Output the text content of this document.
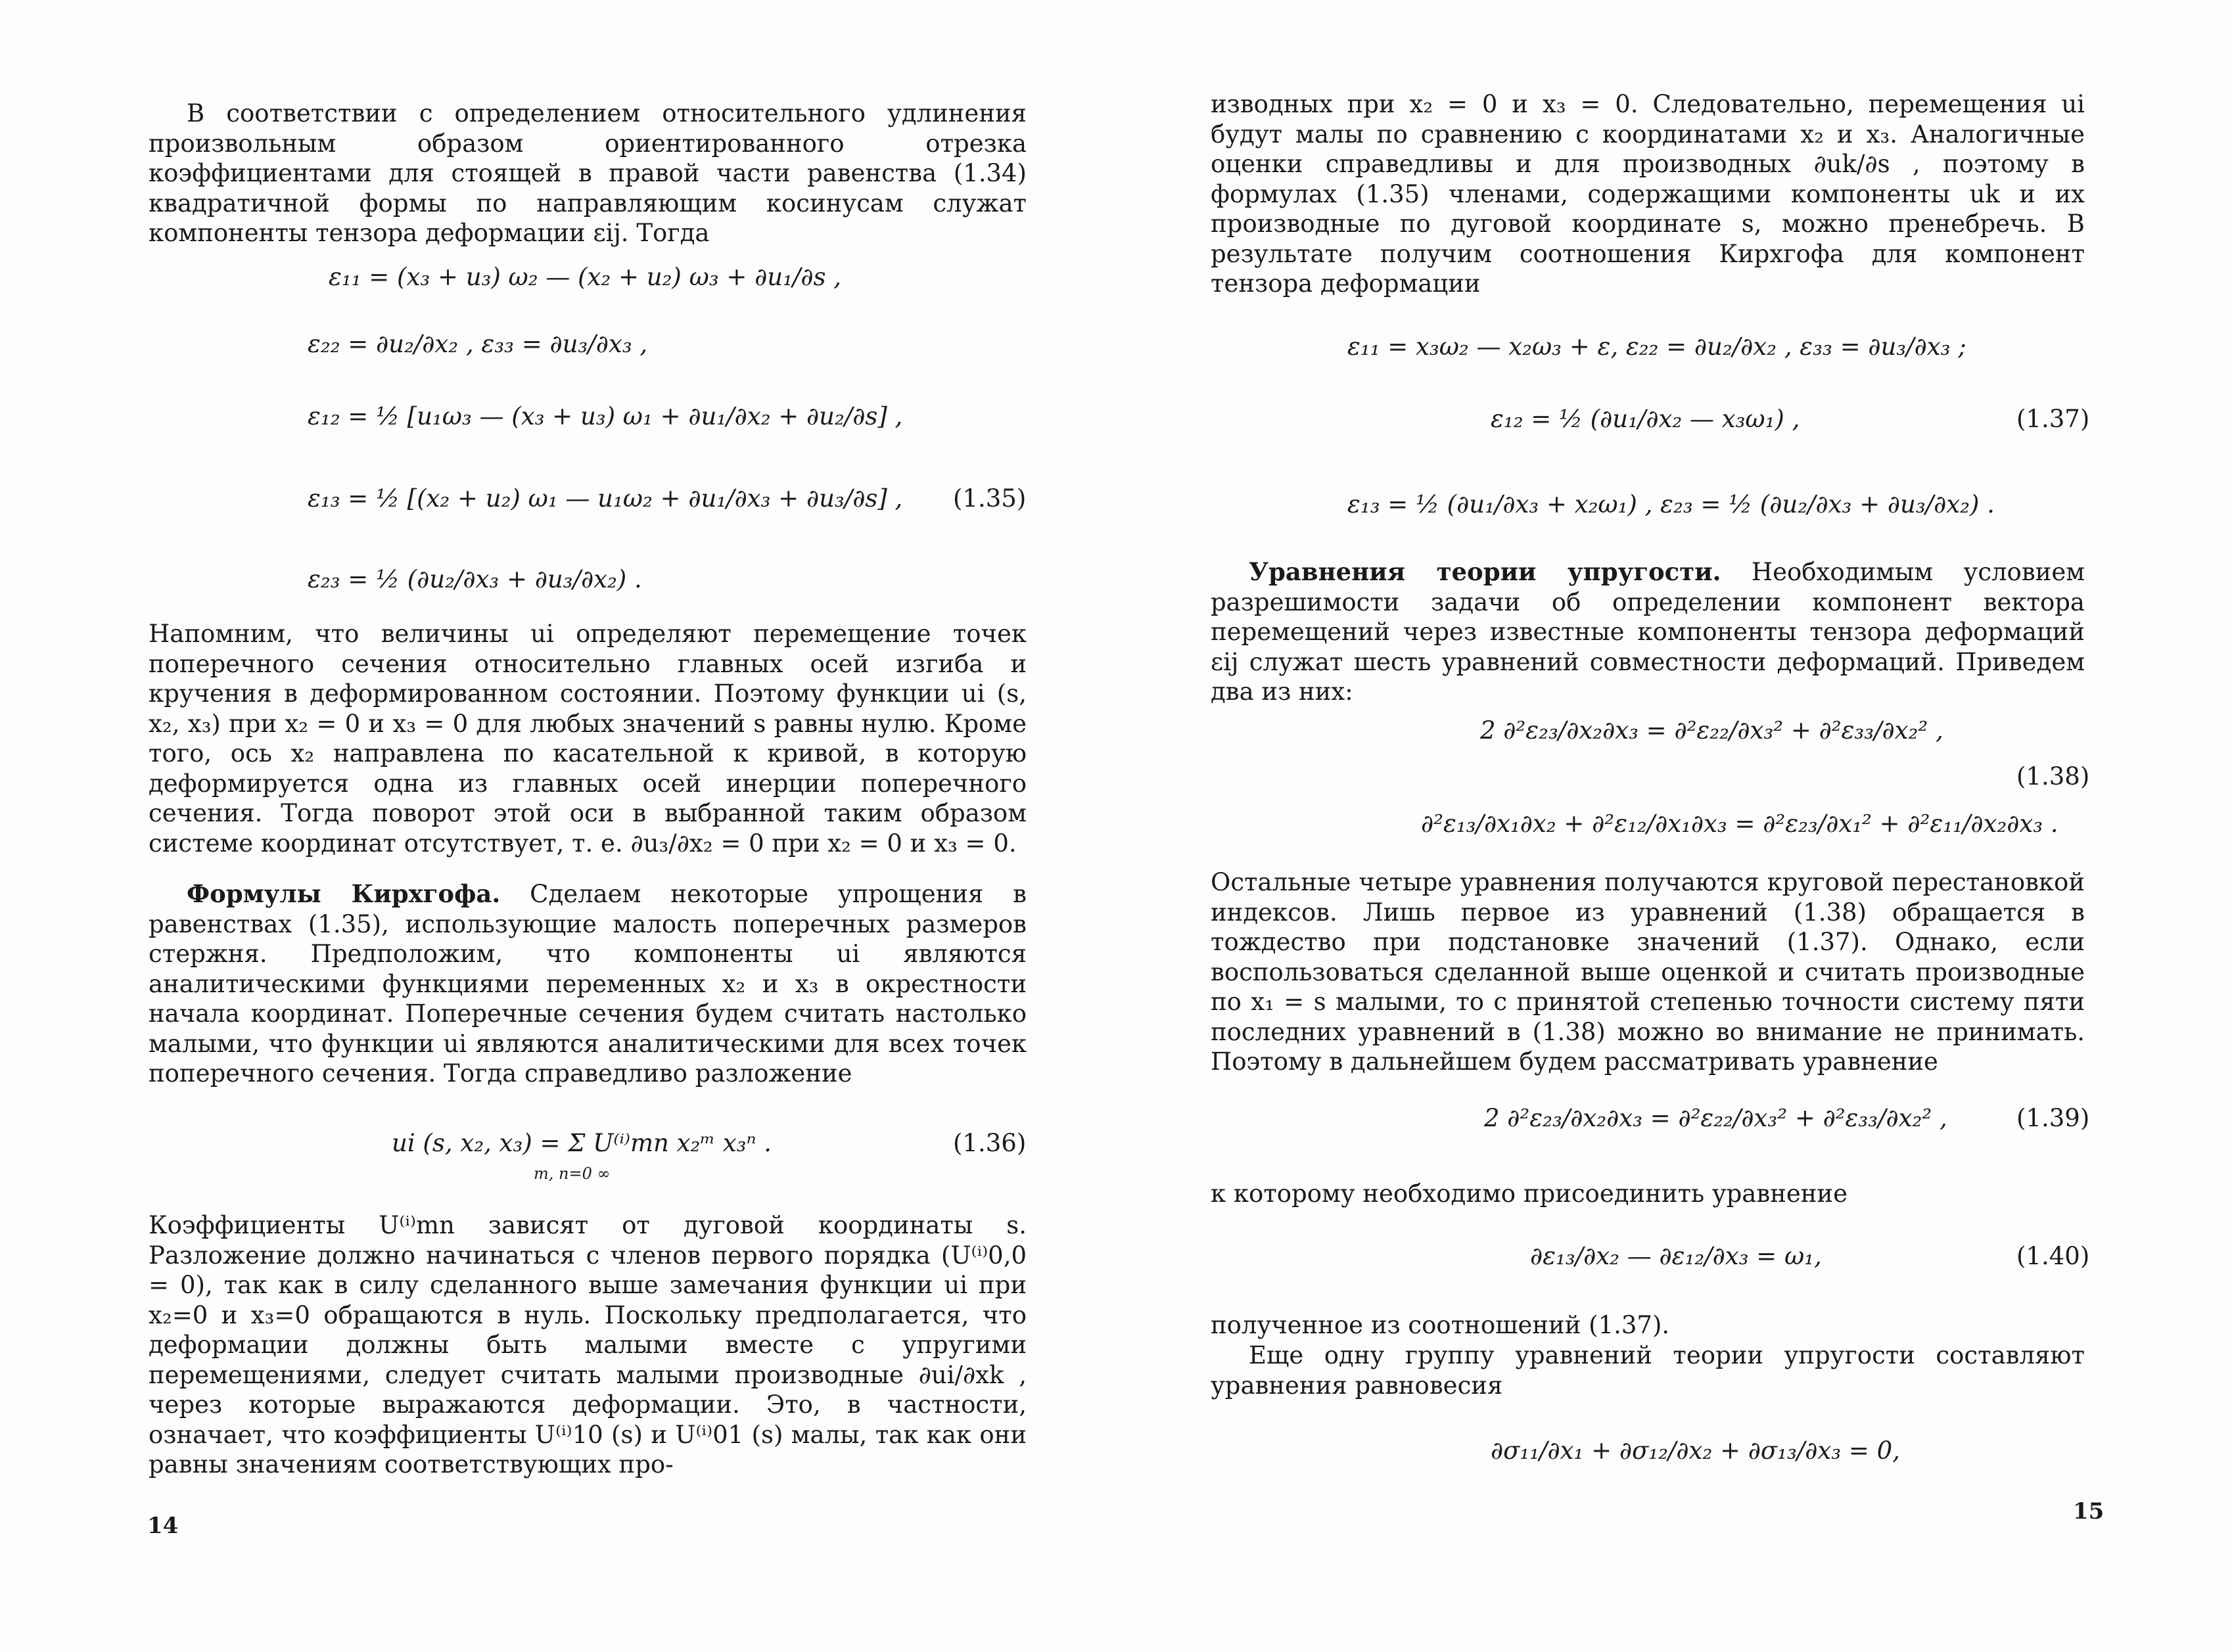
В соответствии с определением относительного удлинения произвольным образом ориентированного отрезка коэффициентами для стоящей в правой части равенства (1.34) квадратичной формы по направляющим косинусам служат компоненты тензора деформации εij. Тогда

ε₁₁ = (x₃ + u₃) ω₂ — (x₂ + u₂) ω₃ + ∂u₁/∂s ,
ε₂₂ = ∂u₂/∂x₂ , ε₃₃ = ∂u₃/∂x₃ ,
ε₁₂ = ½ [u₁ω₃ — (x₃ + u₃) ω₁ + ∂u₁/∂x₂ + ∂u₂/∂s] ,
ε₁₃ = ½ [(x₂ + u₂) ω₁ — u₁ω₂ + ∂u₁/∂x₃ + ∂u₃/∂s] , (1.35)
ε₂₃ = ½ (∂u₂/∂x₃ + ∂u₃/∂x₂) .

Напомним, что величины ui определяют перемещение точек поперечного сечения относительно главных осей изгиба и кручения в деформированном состоянии. Поэтому функции ui (s, x₂, x₃) при x₂ = 0 и x₃ = 0 для любых значений s равны нулю. Кроме того, ось x₂ направлена по касательной к кривой, в которую деформируется одна из главных осей инерции поперечного сечения. Тогда поворот этой оси в выбранной таким образом системе координат отсутствует, т. е. ∂u₃/∂x₂ = 0 при x₂ = 0 и x₃ = 0.

Формулы Кирхгофа. Сделаем некоторые упрощения в равенствах (1.35), использующие малость поперечных размеров стержня. Предположим, что компоненты ui являются аналитическими функциями переменных x₂ и x₃ в окрестности начала координат. Поперечные сечения будем считать настолько малыми, что функции ui являются аналитическими для всех точек поперечного сечения. Тогда справедливо разложение

ui (s, x₂, x₃) = Σ U⁽ⁱ⁾mn x₂ᵐ x₃ⁿ .
m, n=0 ∞
(1.36)

Коэффициенты U⁽ⁱ⁾mn зависят от дуговой координаты s. Разложение должно начинаться с членов первого порядка (U⁽ⁱ⁾0,0 = 0), так как в силу сделанного выше замечания функции ui при x₂=0 и x₃=0 обращаются в нуль. Поскольку предполагается, что деформации должны быть малыми вместе с упругими перемещениями, следует считать малыми производные ∂ui/∂xk , через которые выражаются деформации. Это, в частности, означает, что коэффициенты U⁽ⁱ⁾10 (s) и U⁽ⁱ⁾01 (s) малы, так как они равны значениям соответствующих про-

14

изводных при x₂ = 0 и x₃ = 0. Следовательно, перемещения ui будут малы по сравнению с координатами x₂ и x₃. Аналогичные оценки справедливы и для производных ∂uk/∂s , поэтому в формулах (1.35) членами, содержащими компоненты uk и их производные по дуговой координате s, можно пренебречь. В результате получим соотношения Кирхгофа для компонент тензора деформации

ε₁₁ = x₃ω₂ — x₂ω₃ + ε, ε₂₂ = ∂u₂/∂x₂ , ε₃₃ = ∂u₃/∂x₃ ;
ε₁₂ = ½ (∂u₁/∂x₂ — x₃ω₁) ,	(1.37)
ε₁₃ = ½ (∂u₁/∂x₃ + x₂ω₁) , ε₂₃ = ½ (∂u₂/∂x₃ + ∂u₃/∂x₂) .

Уравнения теории упругости. Необходимым условием разрешимости задачи об определении компонент вектора перемещений через известные компоненты тензора деформаций εij служат шесть уравнений совместности деформаций. Приведем два из них:

2 ∂²ε₂₃/∂x₂∂x₃ = ∂²ε₂₂/∂x₃² + ∂²ε₃₃/∂x₂² ,
(1.38)
∂²ε₁₃/∂x₁∂x₂ + ∂²ε₁₂/∂x₁∂x₃ = ∂²ε₂₃/∂x₁² + ∂²ε₁₁/∂x₂∂x₃ .

Остальные четыре уравнения получаются круговой перестановкой индексов. Лишь первое из уравнений (1.38) обращается в тождество при подстановке значений (1.37). Однако, если воспользоваться сделанной выше оценкой и считать производные по x₁ = s малыми, то с принятой степенью точности систему пяти последних уравнений в (1.38) можно во внимание не принимать. Поэтому в дальнейшем будем рассматривать уравнение

2 ∂²ε₂₃/∂x₂∂x₃ = ∂²ε₂₂/∂x₃² + ∂²ε₃₃/∂x₂² ,	(1.39)

к которому необходимо присоединить уравнение

∂ε₁₃/∂x₂ — ∂ε₁₂/∂x₃ = ω₁,	(1.40)

полученное из соотношений (1.37).

Еще одну группу уравнений теории упругости составляют уравнения равновесия

∂σ₁₁/∂x₁ + ∂σ₁₂/∂x₂ + ∂σ₁₃/∂x₃ = 0,
15
